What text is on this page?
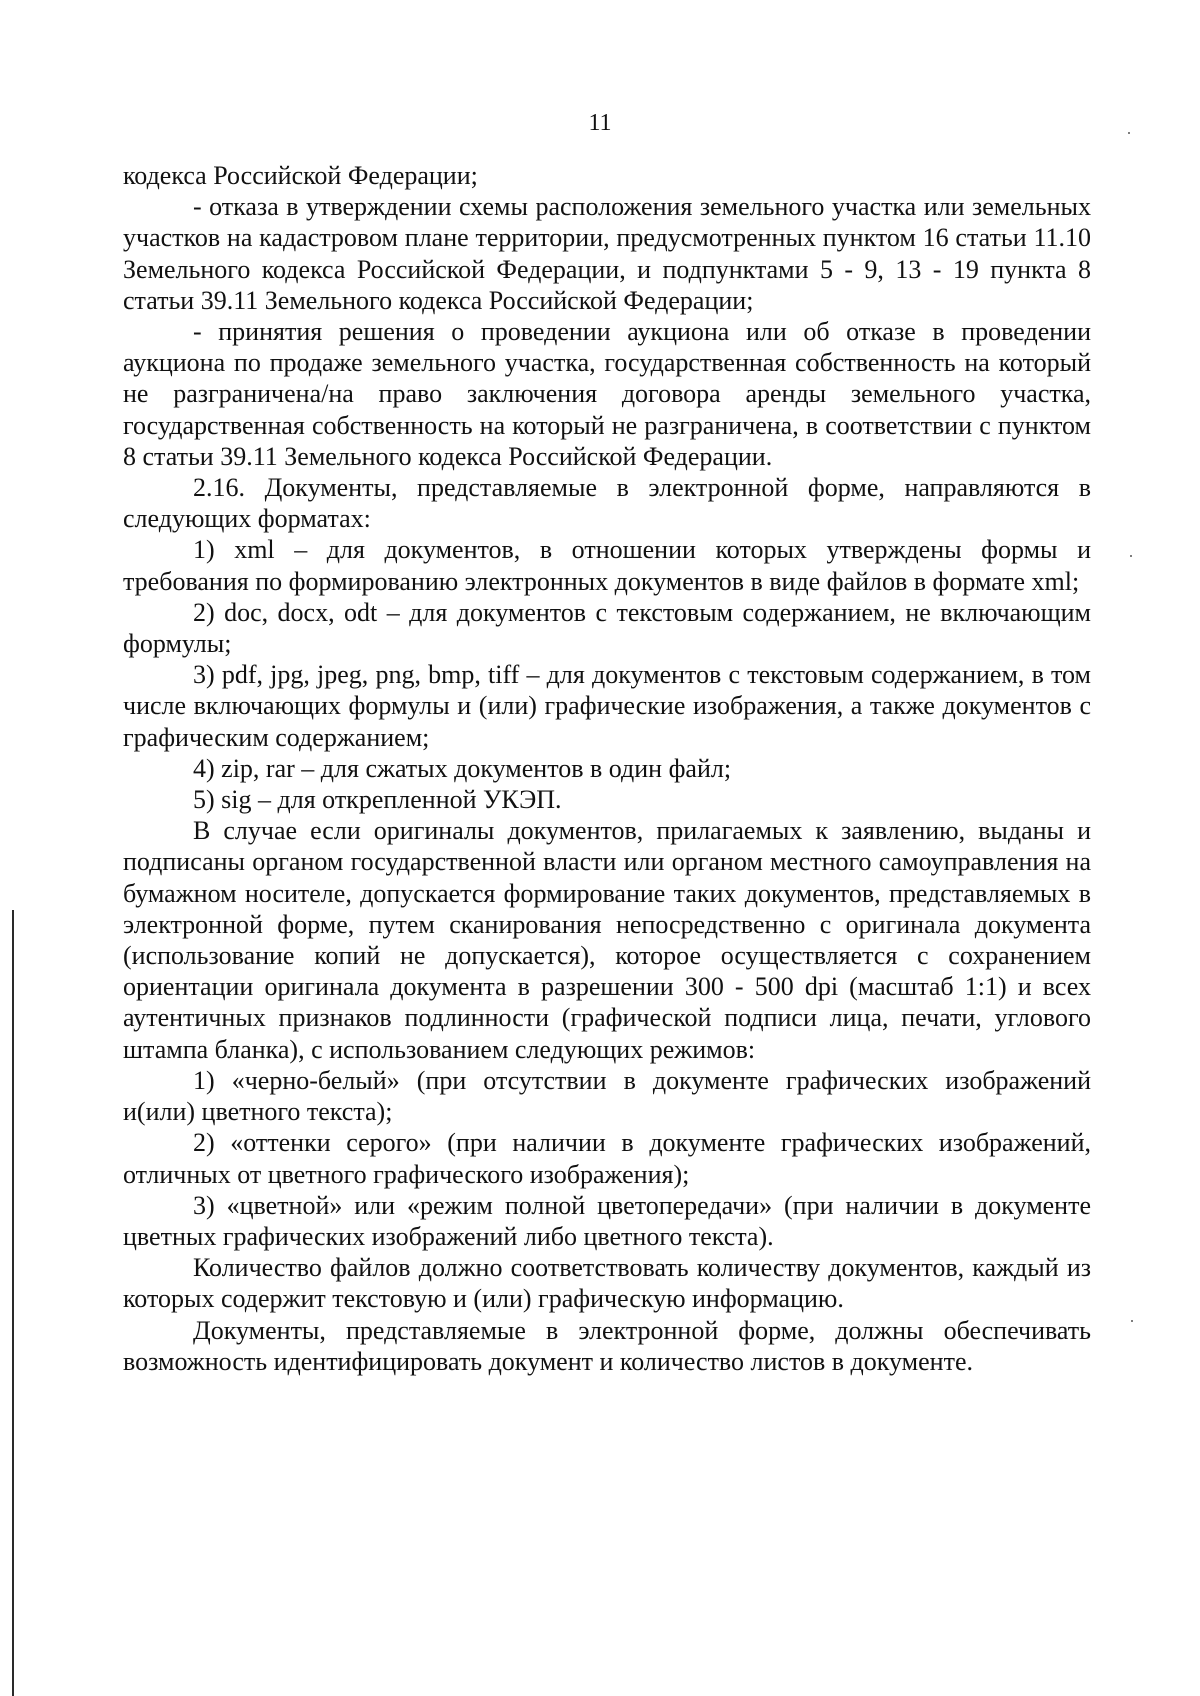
11

кодекса Российской Федерации;

- отказа в утверждении схемы расположения земельного участка или земельных участков на кадастровом плане территории, предусмотренных пунктом 16 статьи 11.10 Земельного кодекса Российской Федерации, и подпунктами 5 - 9, 13 - 19 пункта 8 статьи 39.11 Земельного кодекса Российской Федерации;

- принятия решения о проведении аукциона или об отказе в проведении аукциона по продаже земельного участка, государственная собственность на который не разграничена/на право заключения договора аренды земельного участка, государственная собственность на который не разграничена, в соответствии с пунктом 8 статьи 39.11 Земельного кодекса Российской Федерации.

2.16. Документы, представляемые в электронной форме, направляются в следующих форматах:

1) xml – для документов, в отношении которых утверждены формы и требования по формированию электронных документов в виде файлов в формате xml;

2) doc, docx, odt – для документов с текстовым содержанием, не включающим формулы;

3) pdf, jpg, jpeg, png, bmp, tiff – для документов с текстовым содержанием, в том числе включающих формулы и (или) графические изображения, а также документов с графическим содержанием;

4) zip, rar – для сжатых документов в один файл;

5) sig – для открепленной УКЭП.

В случае если оригиналы документов, прилагаемых к заявлению, выданы и подписаны органом государственной власти или органом местного самоуправления на бумажном носителе, допускается формирование таких документов, представляемых в электронной форме, путем сканирования непосредственно с оригинала документа (использование копий не допускается), которое осуществляется с сохранением ориентации оригинала документа в разрешении 300 - 500 dpi (масштаб 1:1) и всех аутентичных признаков подлинности (графической подписи лица, печати, углового штампа бланка), с использованием следующих режимов:

1) «черно-белый» (при отсутствии в документе графических изображений и(или) цветного текста);

2) «оттенки серого» (при наличии в документе графических изображений, отличных от цветного графического изображения);

3) «цветной» или «режим полной цветопередачи» (при наличии в документе цветных графических изображений либо цветного текста).

Количество файлов должно соответствовать количеству документов, каждый из которых содержит текстовую и (или) графическую информацию.

Документы, представляемые в электронной форме, должны обеспечивать возможность идентифицировать документ и количество листов в документе.
